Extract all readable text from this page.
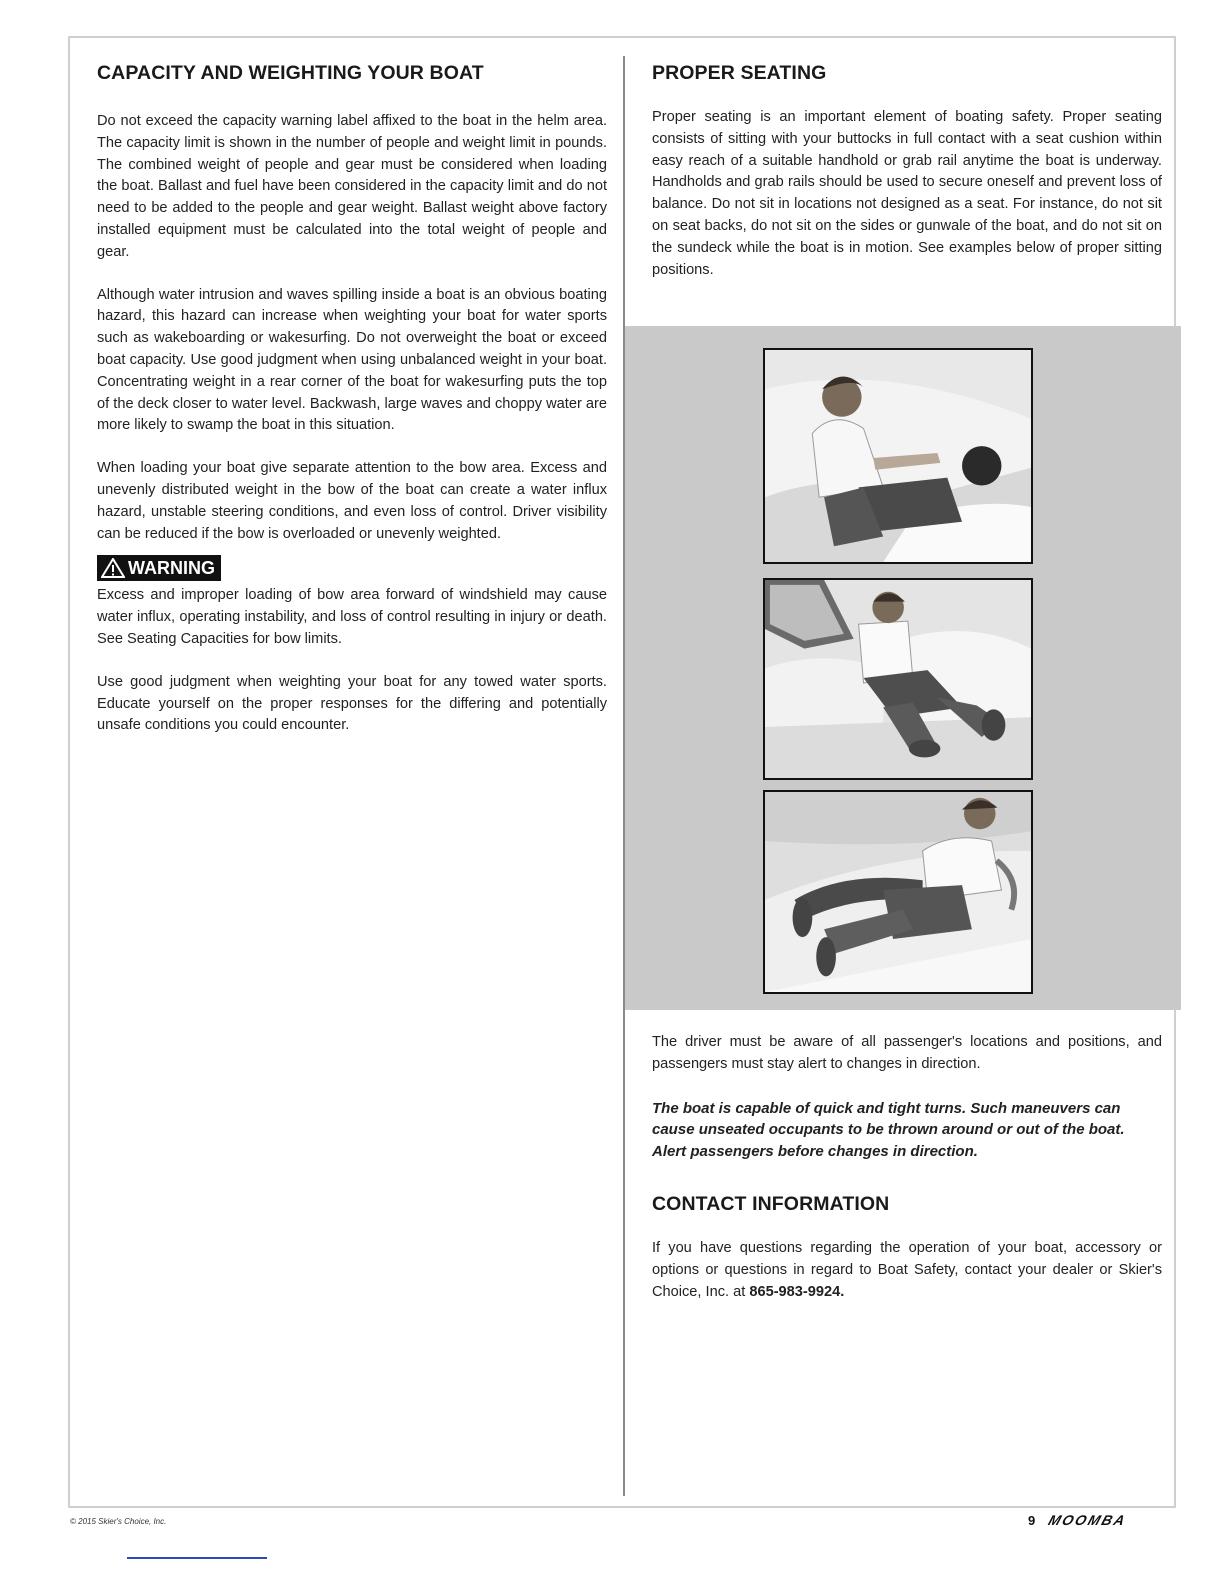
CAPACITY AND WEIGHTING YOUR BOAT

Do not exceed the capacity warning label affixed to the boat in the helm area. The capacity limit is shown in the number of people and weight limit in pounds. The combined weight of people and gear must be considered when loading the boat. Ballast and fuel have been considered in the capacity limit and do not need to be added to the people and gear weight. Ballast weight above factory installed equipment must be calculated into the total weight of people and gear.

Although water intrusion and waves spilling inside a boat is an obvious boating hazard, this hazard can increase when weighting your boat for water sports such as wakeboarding or wakesurfing. Do not overweight the boat or exceed boat capacity. Use good judgment when using unbalanced weight in your boat. Concentrating weight in a rear corner of the boat for wakesurfing puts the top of the deck closer to water level. Backwash, large waves and choppy water are more likely to swamp the boat in this situation.

When loading your boat give separate attention to the bow area. Excess and unevenly distributed weight in the bow of the boat can create a water influx hazard, unstable steering conditions, and even loss of control. Driver visibility can be reduced if the bow is overloaded or unevenly weighted.

WARNING

Excess and improper loading of bow area forward of windshield may cause water influx, operating instability, and loss of control resulting in injury or death. See Seating Capacities for bow limits.

Use good judgment when weighting your boat for any towed water sports. Educate yourself on the proper responses for the differing and potentially unsafe conditions you could encounter.

PROPER SEATING

Proper seating is an important element of boating safety. Proper seating consists of sitting with your buttocks in full contact with a seat cushion within easy reach of a suitable handhold or grab rail anytime the boat is underway. Handholds and grab rails should be used to secure oneself and prevent loss of balance. Do not sit in locations not designed as a seat. For instance, do not sit on seat backs, do not sit on the sides or gunwale of the boat, and do not sit on the sundeck while the boat is in motion. See examples below of proper sitting positions.

The driver must be aware of all passenger's locations and positions, and passengers must stay alert to changes in direction.

The boat is capable of quick and tight turns. Such maneuvers can cause unseated occupants to be thrown around or out of the boat. Alert passengers before changes in direction.

CONTACT INFORMATION

If you have questions regarding the operation of your boat, accessory or options or questions in regard to Boat Safety, contact your dealer or Skier's Choice, Inc. at 865-983-9924.

© 2015 Skier's Choice, Inc.	9 MOOMBA
